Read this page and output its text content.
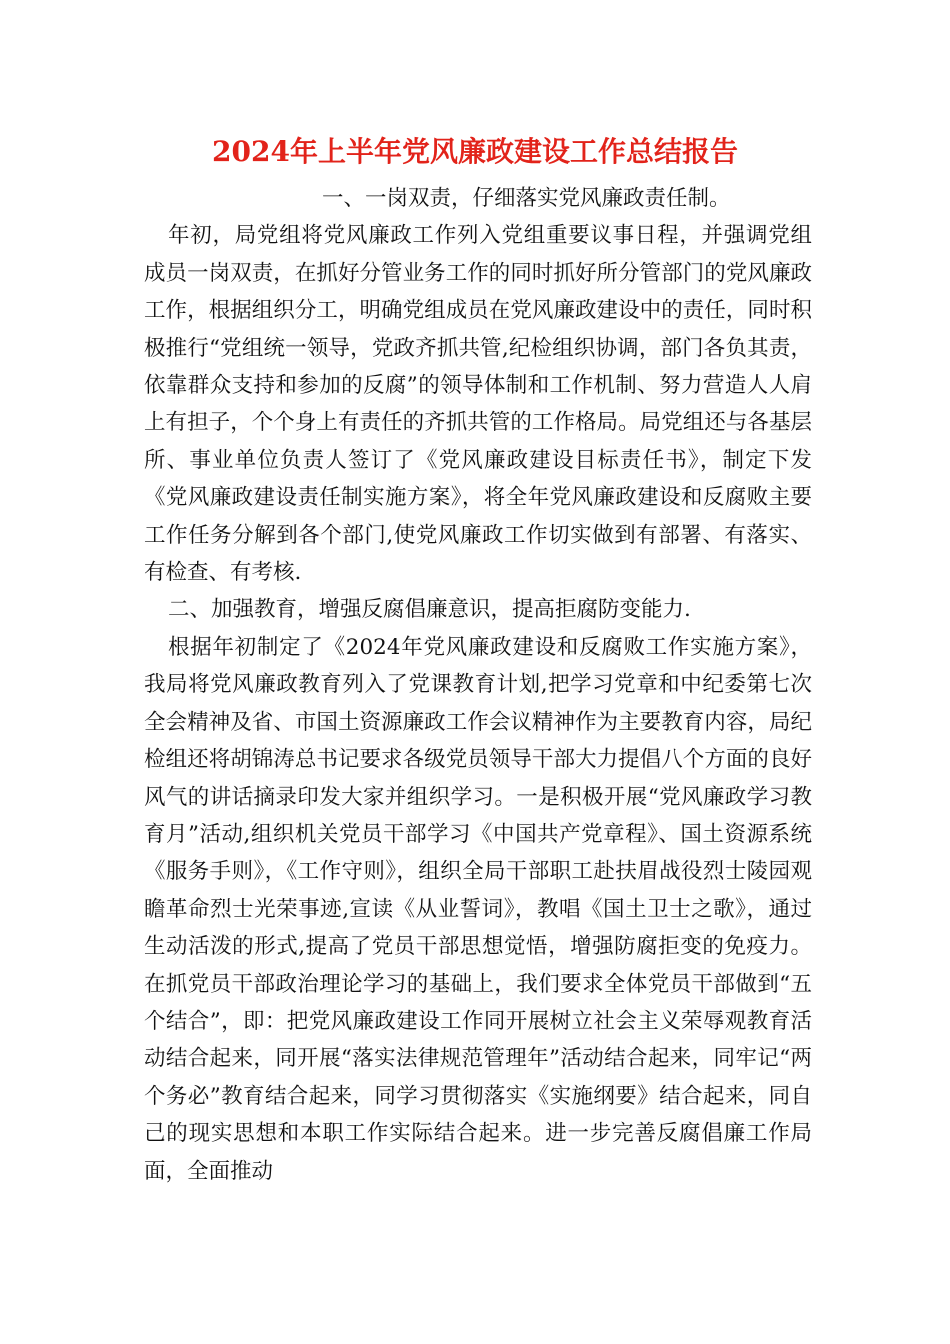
2024年上半年党风廉政建设工作总结报告

一、一岗双责，仔细落实党风廉政责任制。

年初，局党组将党风廉政工作列入党组重要议事日程，并强调党组成员一岗双责，在抓好分管业务工作的同时抓好所分管部门的党风廉政工作，根据组织分工，明确党组成员在党风廉政建设中的责任，同时积极推行“党组统一领导，党政齐抓共管,纪检组织协调，部门各负其责，依靠群众支持和参加的反腐”的领导体制和工作机制、努力营造人人肩上有担子，个个身上有责任的齐抓共管的工作格局。局党组还与各基层所、事业单位负责人签订了《党风廉政建设目标责任书》，制定下发《党风廉政建设责任制实施方案》，将全年党风廉政建设和反腐败主要工作任务分解到各个部门,使党风廉政工作切实做到有部署、有落实、有检查、有考核.

二、加强教育，增强反腐倡廉意识，提高拒腐防变能力.

根据年初制定了《2024年党风廉政建设和反腐败工作实施方案》，我局将党风廉政教育列入了党课教育计划,把学习党章和中纪委第七次全会精神及省、市国土资源廉政工作会议精神作为主要教育内容，局纪检组还将胡锦涛总书记要求各级党员领导干部大力提倡八个方面的良好风气的讲话摘录印发大家并组织学习。一是积极开展“党风廉政学习教育月”活动,组织机关党员干部学习《中国共产党章程》、国土资源系统《服务手则》，《工作守则》，组织全局干部职工赴扶眉战役烈士陵园观瞻革命烈士光荣事迹,宣读《从业誓词》，教唱《国土卫士之歌》，通过生动活泼的形式,提高了党员干部思想觉悟，增强防腐拒变的免疫力。在抓党员干部政治理论学习的基础上，我们要求全体党员干部做到“五个结合”，即：把党风廉政建设工作同开展树立社会主义荣辱观教育活动结合起来，同开展“落实法律规范管理年”活动结合起来，同牢记“两个务必”教育结合起来，同学习贯彻落实《实施纲要》结合起来，同自己的现实思想和本职工作实际结合起来。进一步完善反腐倡廉工作局面，全面推动
